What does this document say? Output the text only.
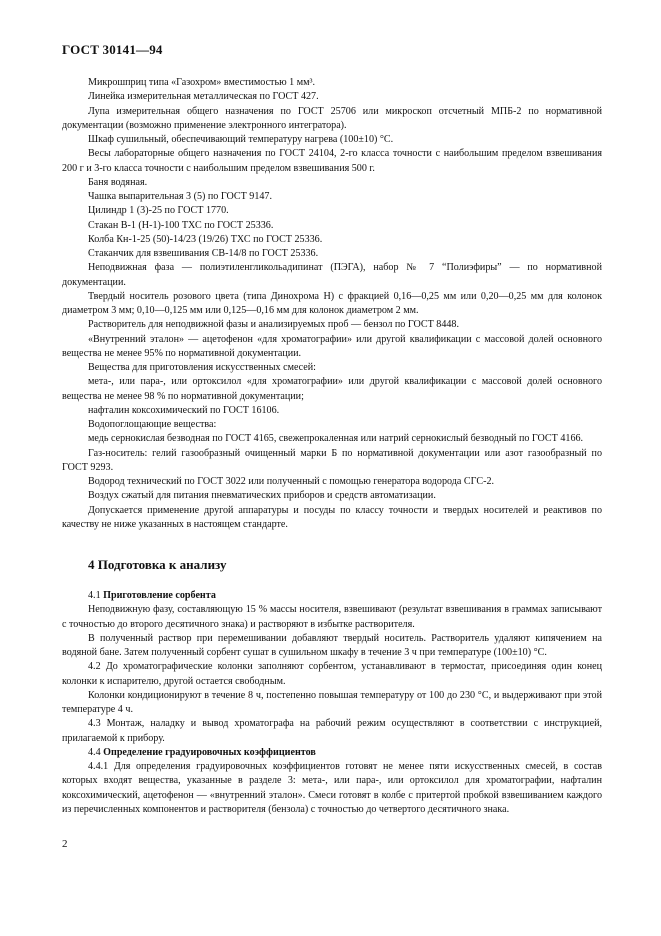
ГОСТ 30141—94

Микрошприц типа «Газохром» вместимостью 1 мм³.

Линейка измерительная металлическая по ГОСТ 427.

Лупа измерительная общего назначения по ГОСТ 25706 или микроскоп отсчетный МПБ-2 по нормативной документации (возможно применение электронного интегратора).

Шкаф сушильный, обеспечивающий температуру нагрева (100±10) °С.

Весы лабораторные общего назначения по ГОСТ 24104, 2-го класса точности с наибольшим пределом взвешивания 200 г и 3-го класса точности с наибольшим пределом взвешивания 500 г.

Баня водяная.

Чашка выпарительная 3 (5) по ГОСТ 9147.

Цилиндр 1 (3)-25 по ГОСТ 1770.

Стакан В-1 (Н-1)-100 ТХС по ГОСТ 25336.

Колба Кн-1-25 (50)-14/23 (19/26) ТХС по ГОСТ 25336.

Стаканчик для взвешивания СВ-14/8 по ГОСТ 25336.

Неподвижная фаза — полиэтиленгликольадипинат (ПЭГА), набор № 7 “Полиэфиры” — по нормативной документации.

Твердый носитель розового цвета (типа Динохрома Н) с фракцией 0,16—0,25 мм или 0,20—0,25 мм для колонок диаметром 3 мм; 0,10—0,125 мм или 0,125—0,16 мм для колонок диаметром 2 мм.

Растворитель для неподвижной фазы и анализируемых проб — бензол по ГОСТ 8448.

«Внутренний эталон» — ацетофенон «для хроматографии» или другой квалификации с массовой долей основного вещества не менее 95% по нормативной документации.

Вещества для приготовления искусственных смесей:

мета-, или пара-, или ортоксилол «для хроматографии» или другой квалификации с массовой долей основного вещества не менее 98 % по нормативной документации;

нафталин коксохимический по ГОСТ 16106.

Водопоглощающие вещества:

медь сернокислая безводная по ГОСТ 4165, свежепрокаленная или натрий сернокислый безводный по ГОСТ 4166.

Газ-носитель: гелий газообразный очищенный марки Б по нормативной документации или азот газообразный по ГОСТ 9293.

Водород технический по ГОСТ 3022 или полученный с помощью генератора водорода СГС-2.

Воздух сжатый для питания пневматических приборов и средств автоматизации.

Допускается применение другой аппаратуры и посуды по классу точности и твердых носителей и реактивов по качеству не ниже указанных в настоящем стандарте.

4 Подготовка к анализу

4.1 Приготовление сорбента

Неподвижную фазу, составляющую 15 % массы носителя, взвешивают (результат взвешивания в граммах записывают с точностью до второго десятичного знака) и растворяют в избытке растворителя.

В полученный раствор при перемешивании добавляют твердый носитель. Растворитель удаляют кипячением на водяной бане. Затем полученный сорбент сушат в сушильном шкафу в течение 3 ч при температуре (100±10) °С.

4.2 До хроматографические колонки заполняют сорбентом, устанавливают в термостат, присоединяя один конец колонки к испарителю, другой остается свободным.

Колонки кондиционируют в течение 8 ч, постепенно повышая температуру от 100 до 230 °С, и выдерживают при этой температуре 4 ч.

4.3 Монтаж, наладку и вывод хроматографа на рабочий режим осуществляют в соответствии с инструкцией, прилагаемой к прибору.

4.4 Определение градуировочных коэффициентов

4.4.1 Для определения градуировочных коэффициентов готовят не менее пяти искусственных смесей, в состав которых входят вещества, указанные в разделе 3: мета-, или пара-, или ортоксилол для хроматографии, нафталин коксохимический, ацетофенон — «внутренний эталон». Смеси готовят в колбе с притертой пробкой взвешиванием каждого из перечисленных компонентов и растворителя (бензола) с точностью до четвертого десятичного знака.

2
